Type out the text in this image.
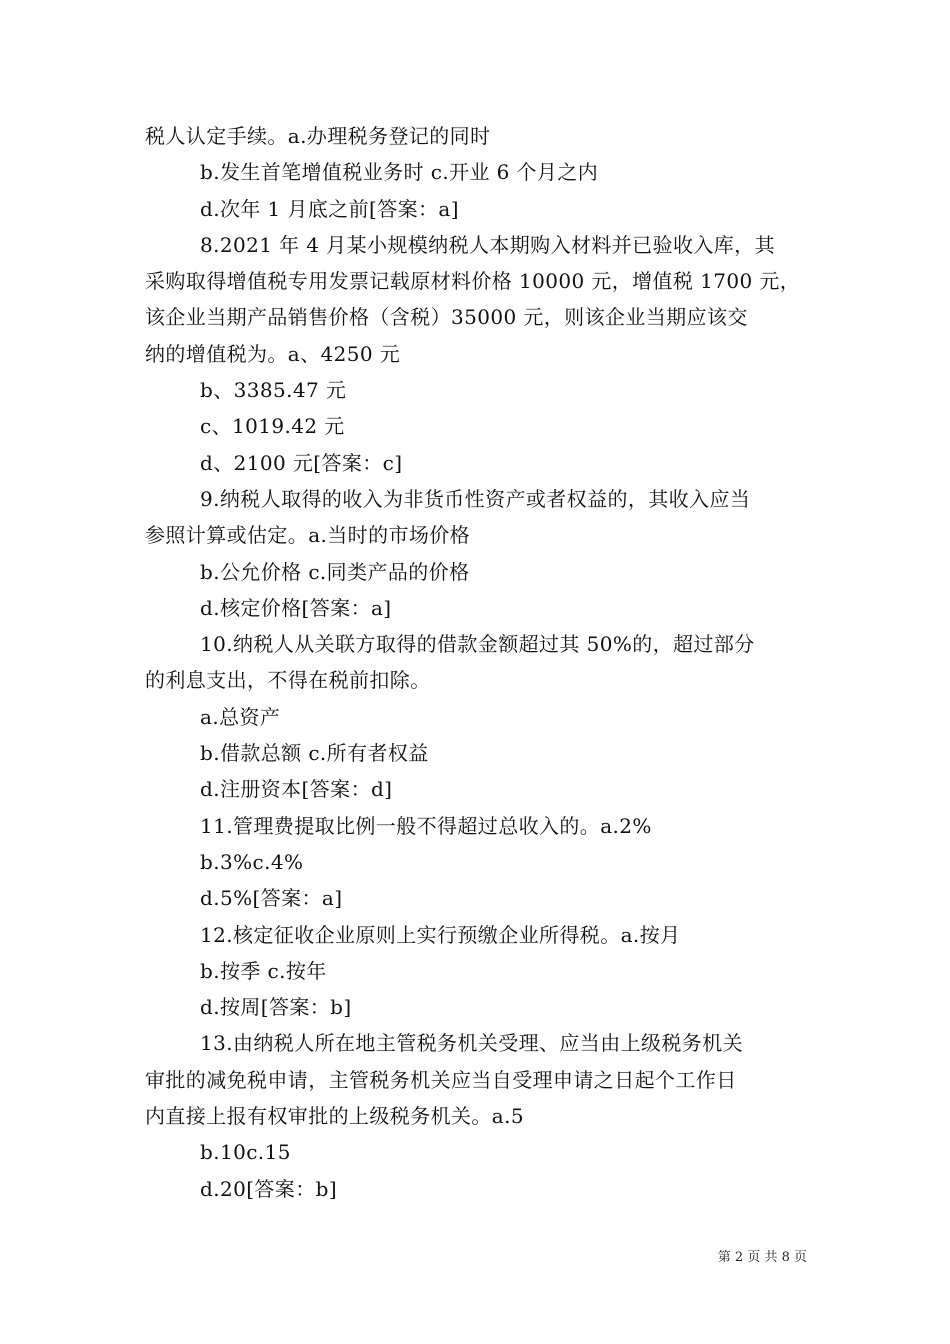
税人认定手续。a.办理税务登记的同时
b.发生首笔增值税业务时 c.开业 6 个月之内
d.次年 1 月底之前[答案：a]
8.2021 年 4 月某小规模纳税人本期购入材料并已验收入库，其
采购取得增值税专用发票记载原材料价格 10000 元，增值税 1700 元，
该企业当期产品销售价格（含税）35000 元，则该企业当期应该交
纳的增值税为。a、4250 元
b、3385.47 元
c、1019.42 元
d、2100 元[答案：c]
9.纳税人取得的收入为非货币性资产或者权益的，其收入应当
参照计算或估定。a.当时的市场价格
b.公允价格 c.同类产品的价格
d.核定价格[答案：a]
10.纳税人从关联方取得的借款金额超过其 50%的，超过部分
的利息支出，不得在税前扣除。
a.总资产
b.借款总额 c.所有者权益
d.注册资本[答案：d]
11.管理费提取比例一般不得超过总收入的。a.2%
b.3%c.4%
d.5%[答案：a]
12.核定征收企业原则上实行预缴企业所得税。a.按月
b.按季 c.按年
d.按周[答案：b]
13.由纳税人所在地主管税务机关受理、应当由上级税务机关
审批的减免税申请，主管税务机关应当自受理申请之日起个工作日
内直接上报有权审批的上级税务机关。a.5
b.10c.15
d.20[答案：b]
第 2 页 共 8 页
